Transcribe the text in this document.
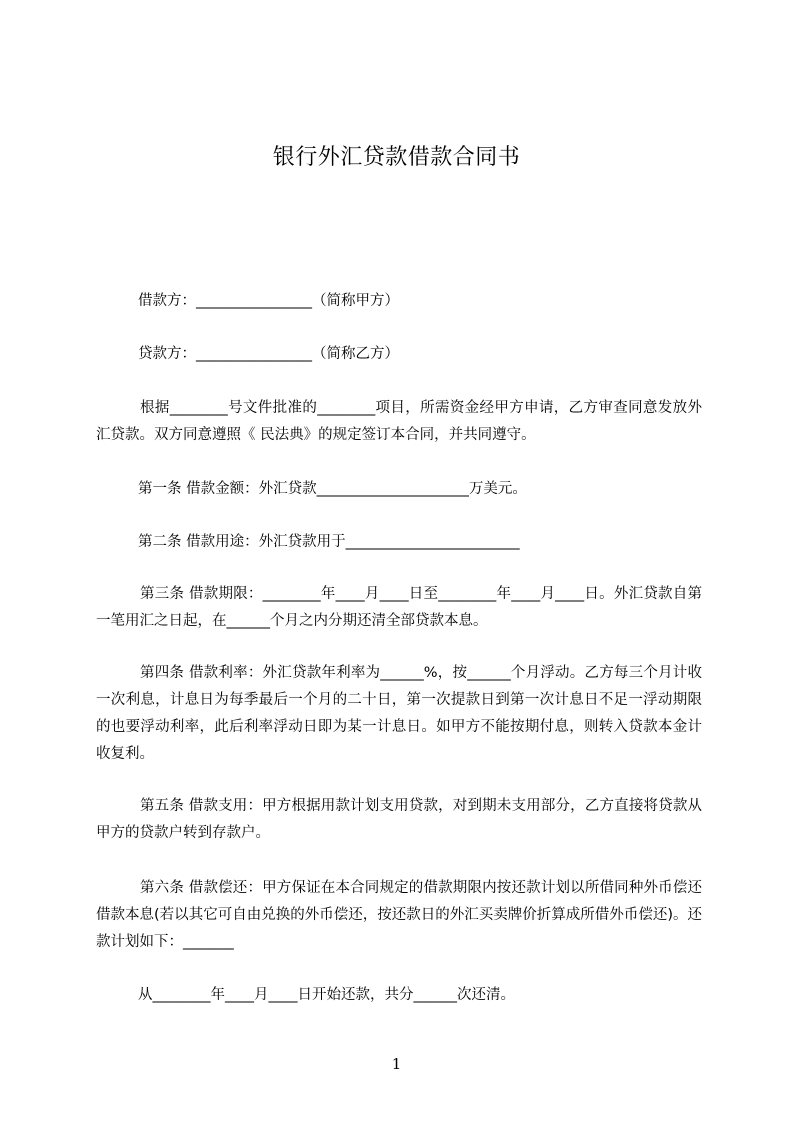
银行外汇贷款借款合同书

借款方：________________（简称甲方）

贷款方：________________（简称乙方）

根据________号文件批准的________项目，所需资金经甲方申请，乙方审查同意发放外汇贷款。双方同意遵照《 民法典》的规定签订本合同，并共同遵守。

第一条 借款金额：外汇贷款_____________________万美元。

第二条 借款用途：外汇贷款用于________________________

第三条 借款期限：________年____月____日至________年____月____日。外汇贷款自第一笔用汇之日起，在______个月之内分期还清全部贷款本息。

第四条 借款利率：外汇贷款年利率为______%，按______个月浮动。乙方每三个月计收一次利息，计息日为每季最后一个月的二十日，第一次提款日到第一次计息日不足一浮动期限的也要浮动利率，此后利率浮动日即为某一计息日。如甲方不能按期付息，则转入贷款本金计收复利。

第五条 借款支用：甲方根据用款计划支用贷款，对到期未支用部分，乙方直接将贷款从甲方的贷款户转到存款户。

第六条 借款偿还：甲方保证在本合同规定的借款期限内按还款计划以所借同种外币偿还借款本息(若以其它可自由兑换的外币偿还，按还款日的外汇买卖牌价折算成所借外币偿还)。还款计划如下：_______

从________年____月____日开始还款，共分______次还清。

1
